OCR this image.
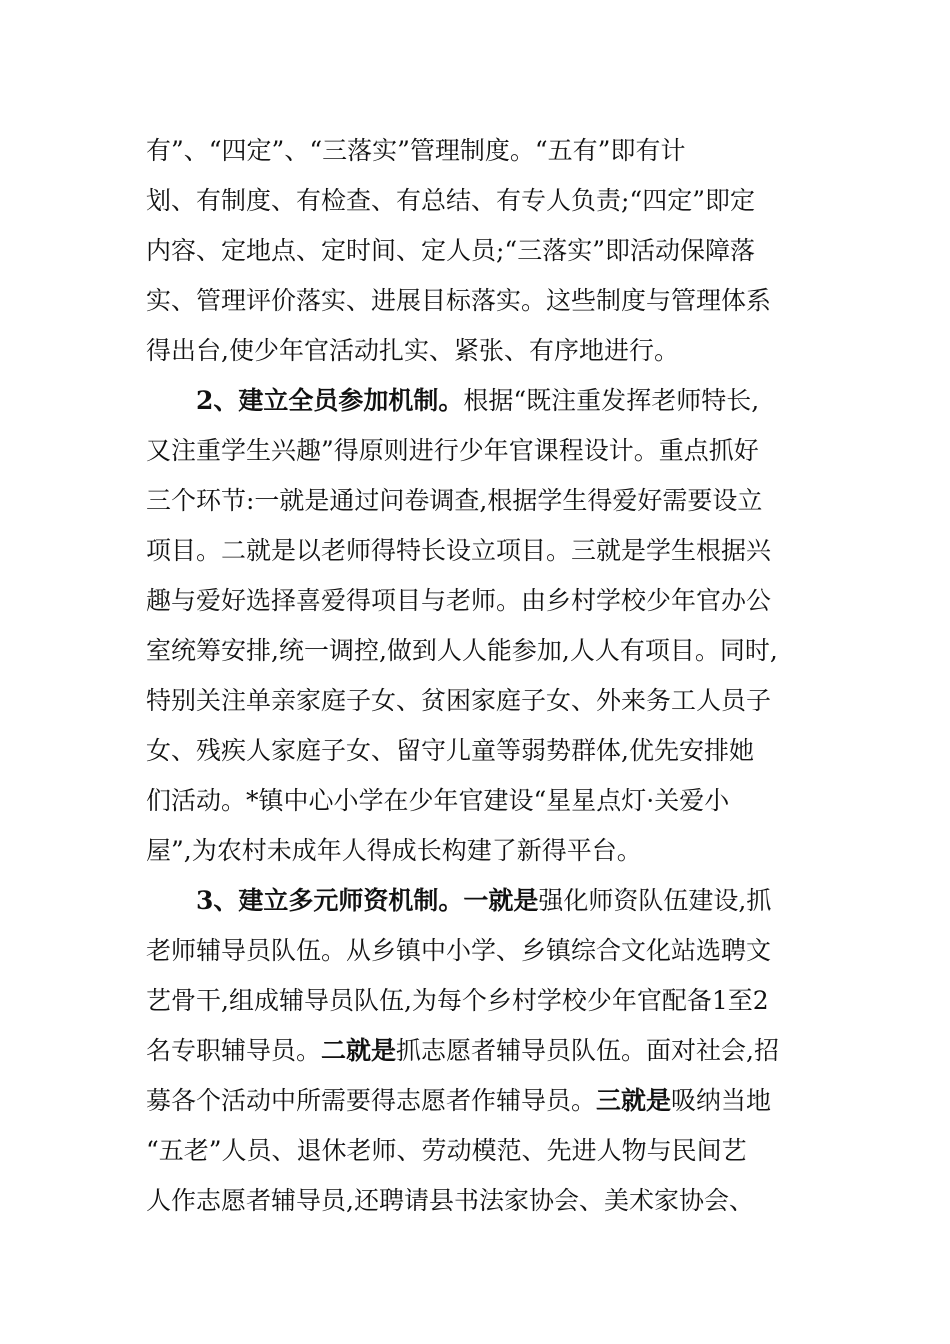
有”、“四定”、“三落实”管理制度。“五有”即有计
划、有制度、有检查、有总结、有专人负责;“四定”即定
内容、定地点、定时间、定人员;“三落实”即活动保障落
实、管理评价落实、进展目标落实。这些制度与管理体系
得出台,使少年官活动扎实、紧张、有序地进行。
2、建立全员参加机制。根据“既注重发挥老师特长,
又注重学生兴趣”得原则进行少年官课程设计。重点抓好
三个环节:一就是通过问卷调查,根据学生得爱好需要设立
项目。二就是以老师得特长设立项目。三就是学生根据兴
趣与爱好选择喜爱得项目与老师。由乡村学校少年官办公
室统筹安排,统一调控,做到人人能参加,人人有项目。同时,
特别关注单亲家庭子女、贫困家庭子女、外来务工人员子
女、残疾人家庭子女、留守儿童等弱势群体,优先安排她
们活动。*镇中心小学在少年官建设“星星点灯·关爱小
屋”,为农村未成年人得成长构建了新得平台。
3、建立多元师资机制。一就是强化师资队伍建设,抓
老师辅导员队伍。从乡镇中小学、乡镇综合文化站选聘文
艺骨干,组成辅导员队伍,为每个乡村学校少年官配备1至2
名专职辅导员。二就是抓志愿者辅导员队伍。面对社会,招
募各个活动中所需要得志愿者作辅导员。三就是吸纳当地
“五老”人员、退休老师、劳动模范、先进人物与民间艺
人作志愿者辅导员,还聘请县书法家协会、美术家协会、
